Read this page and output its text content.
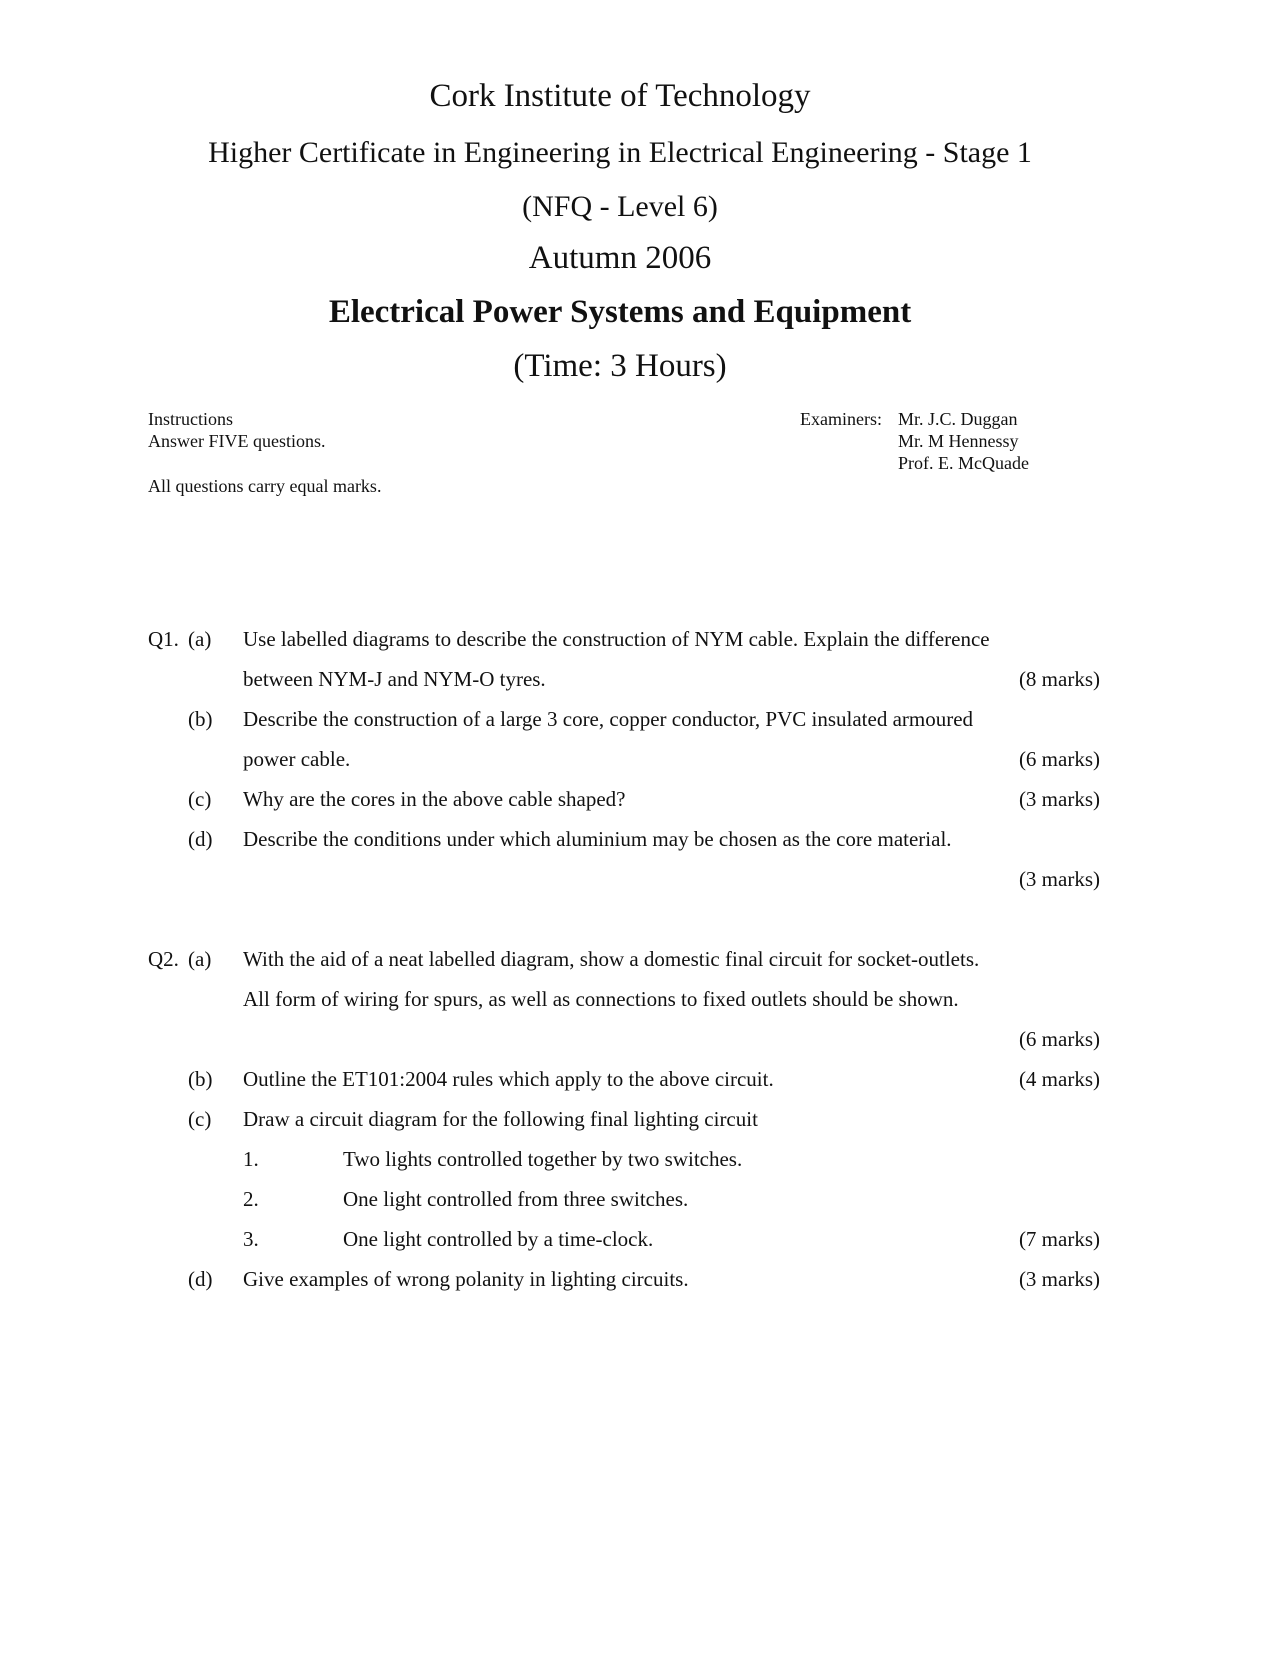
Cork Institute of Technology
Higher Certificate in Engineering in Electrical Engineering - Stage 1
(NFQ - Level 6)
Autumn 2006
Electrical Power Systems and Equipment
(Time: 3 Hours)
Instructions
Answer FIVE questions.
All questions carry equal marks.
Examiners: Mr. J.C. Duggan
Mr. M Hennessy
Prof. E. McQuade
Q1. (a) Use labelled diagrams to describe the construction of NYM cable. Explain the difference
between NYM-J and NYM-O tyres.	(8 marks)
(b) Describe the construction of a large 3 core, copper conductor, PVC insulated armoured
power cable.	(6 marks)
(c) Why are the cores in the above cable shaped?	(3 marks)
(d) Describe the conditions under which aluminium may be chosen as the core material.
(3 marks)
Q2. (a) With the aid of a neat labelled diagram, show a domestic final circuit for socket-outlets.
All form of wiring for spurs, as well as connections to fixed outlets should be shown.
(6 marks)
(b) Outline the ET101:2004 rules which apply to the above circuit.	(4 marks)
(c) Draw a circuit diagram for the following final lighting circuit
1.	Two lights controlled together by two switches.
2.	One light controlled from three switches.
3.	One light controlled by a time-clock.	(7 marks)
(d) Give examples of wrong polanity in lighting circuits.	(3 marks)
